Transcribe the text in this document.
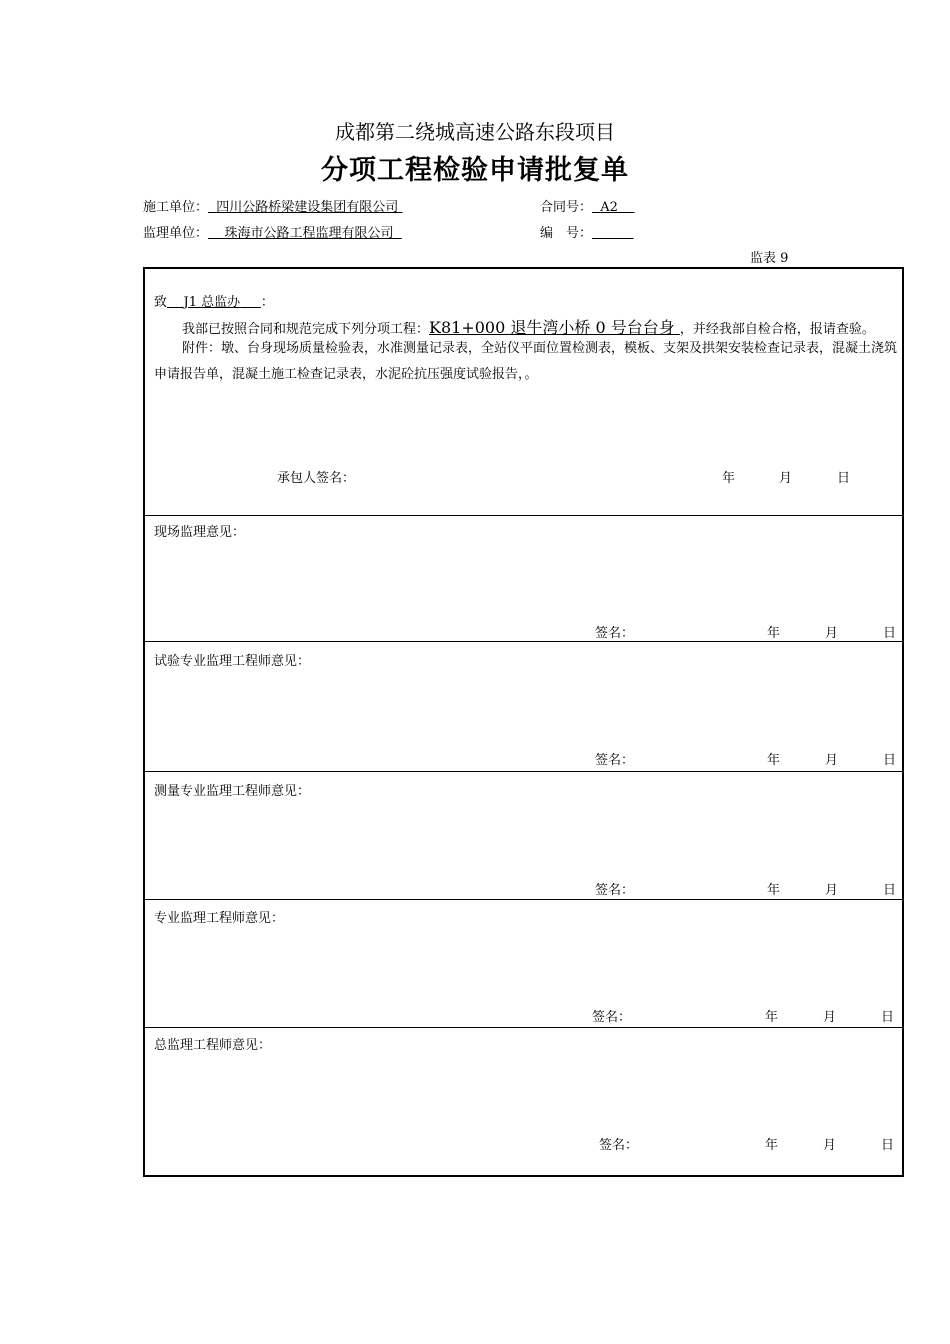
成都第二绕城高速公路东段项目
分项工程检验申请批复单
施工单位： 四川公路桥梁建设集团有限公司	合同号： A2
监理单位： 珠海市公路工程监理有限公司	编　号：
监表 9
致 J1 总监办 ：
我部已按照合同和规范完成下列分项工程：K81+000 退牛湾小桥 0 号台台身 ，并经我部自检合格，报请查验。
附件：墩、台身现场质量检验表，水准测量记录表，全站仪平面位置检测表，模板、支架及拱架安装检查记录表，混凝土浇筑申请报告单，混凝土施工检查记录表，水泥砼抗压强度试验报告，。
承包人签名：	年	月	日
现场监理意见：
签名：	年	月	日
试验专业监理工程师意见：
签名：	年	月	日
测量专业监理工程师意见：
签名：	年	月	日
专业监理工程师意见：
签名：	年	月	日
总监理工程师意见：
签名：	年	月	日
